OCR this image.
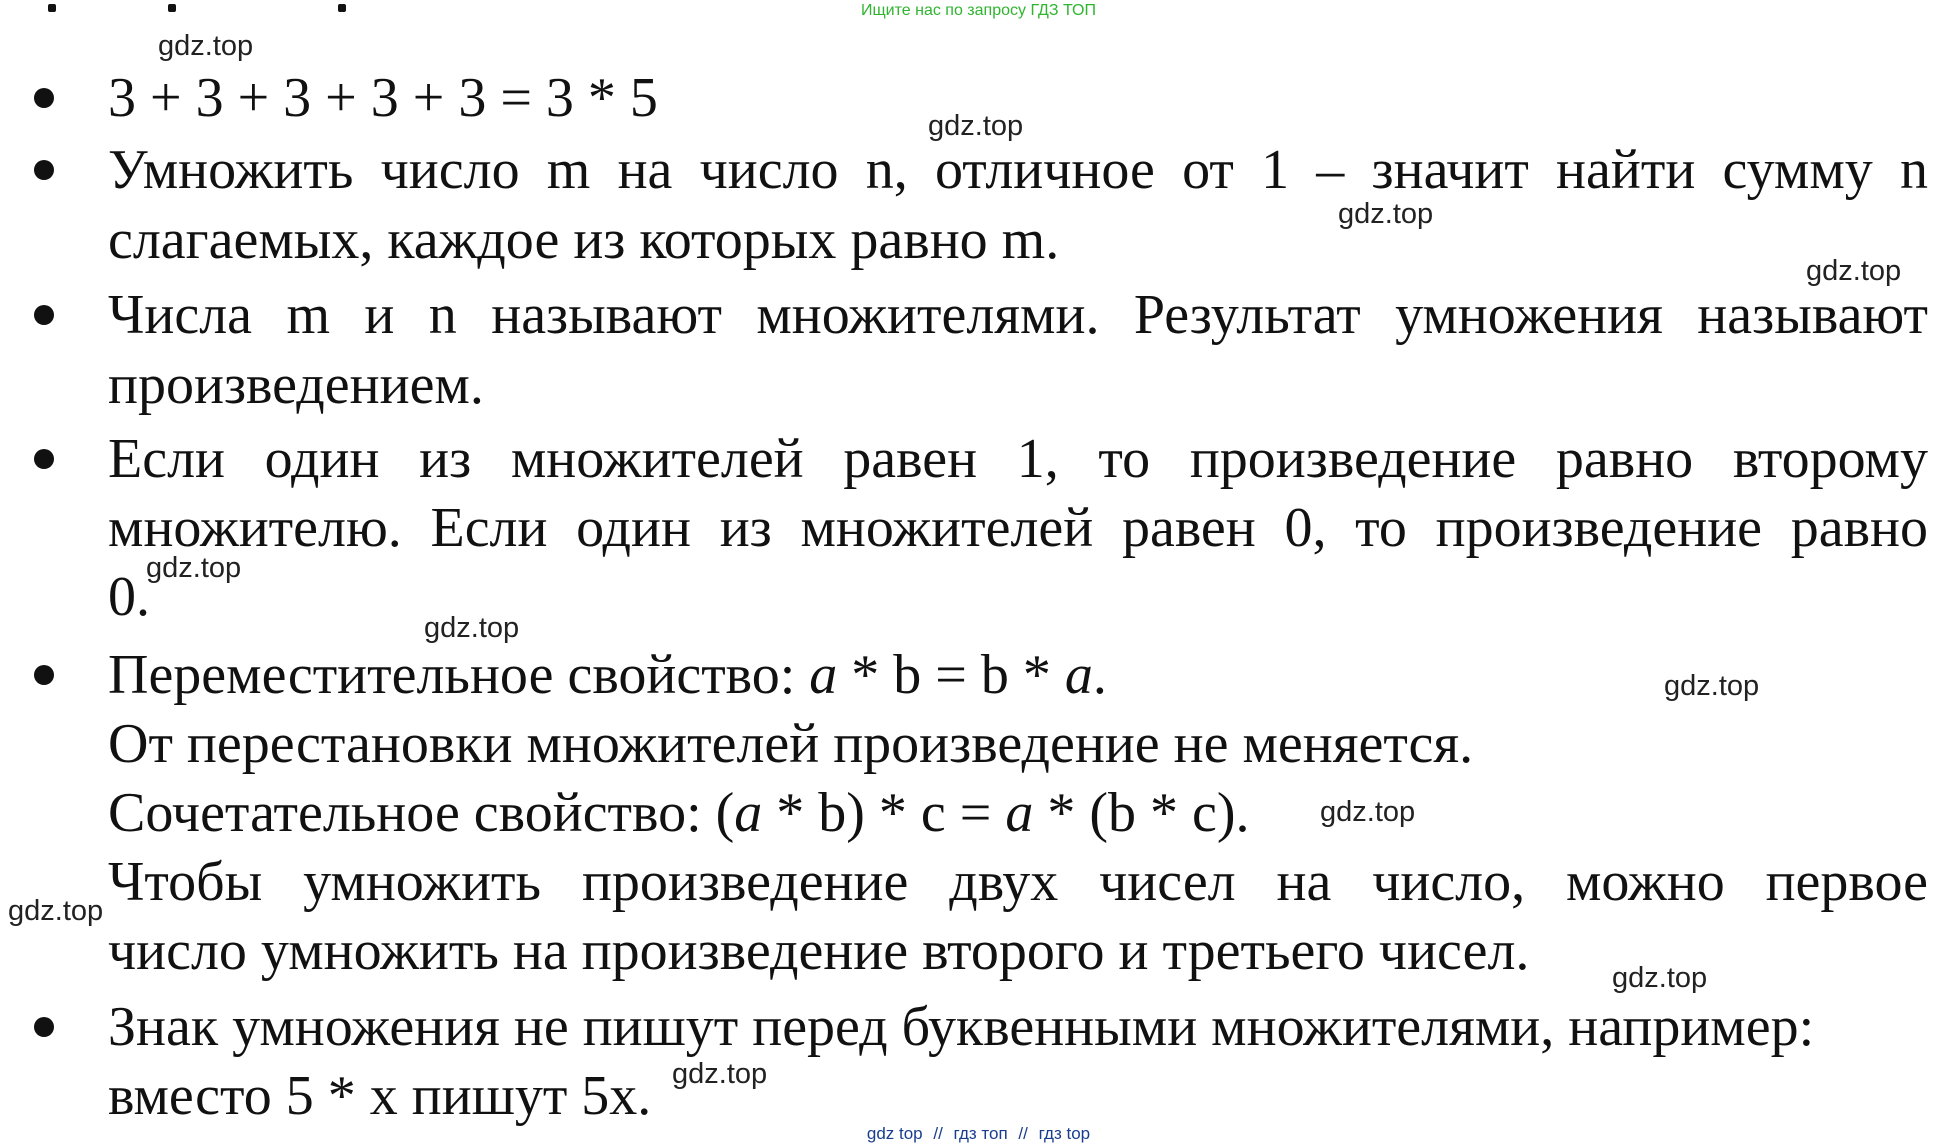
Ищите нас по запросу ГДЗ ТОП
3 + 3 + 3 + 3 + 3 = 3 * 5
Умножить число m на число n, отличное от 1 – значит найти сумму n
слагаемых, каждое из которых равно m.
Числа m и n называют множителями. Результат умножения называют
произведением.
Если один из множителей равен 1, то произведение равно второму
множителю. Если один из множителей равен 0, то произведение равно
0.
Переместительное свойство: a * b = b * a.
От перестановки множителей произведение не меняется.
Сочетательное свойство: (a * b) * c = a * (b * c).
Чтобы умножить произведение двух чисел на число, можно первое
число умножить на произведение второго и третьего чисел.
Знак умножения не пишут перед буквенными множителями, например:
вместо 5 * x пишут 5x.
gdz.top
gdz.top
gdz.top
gdz.top
gdz.top
gdz.top
gdz.top
gdz.top
gdz.top
gdz.top
gdz.top
gdz top // гдз топ // гдз top
